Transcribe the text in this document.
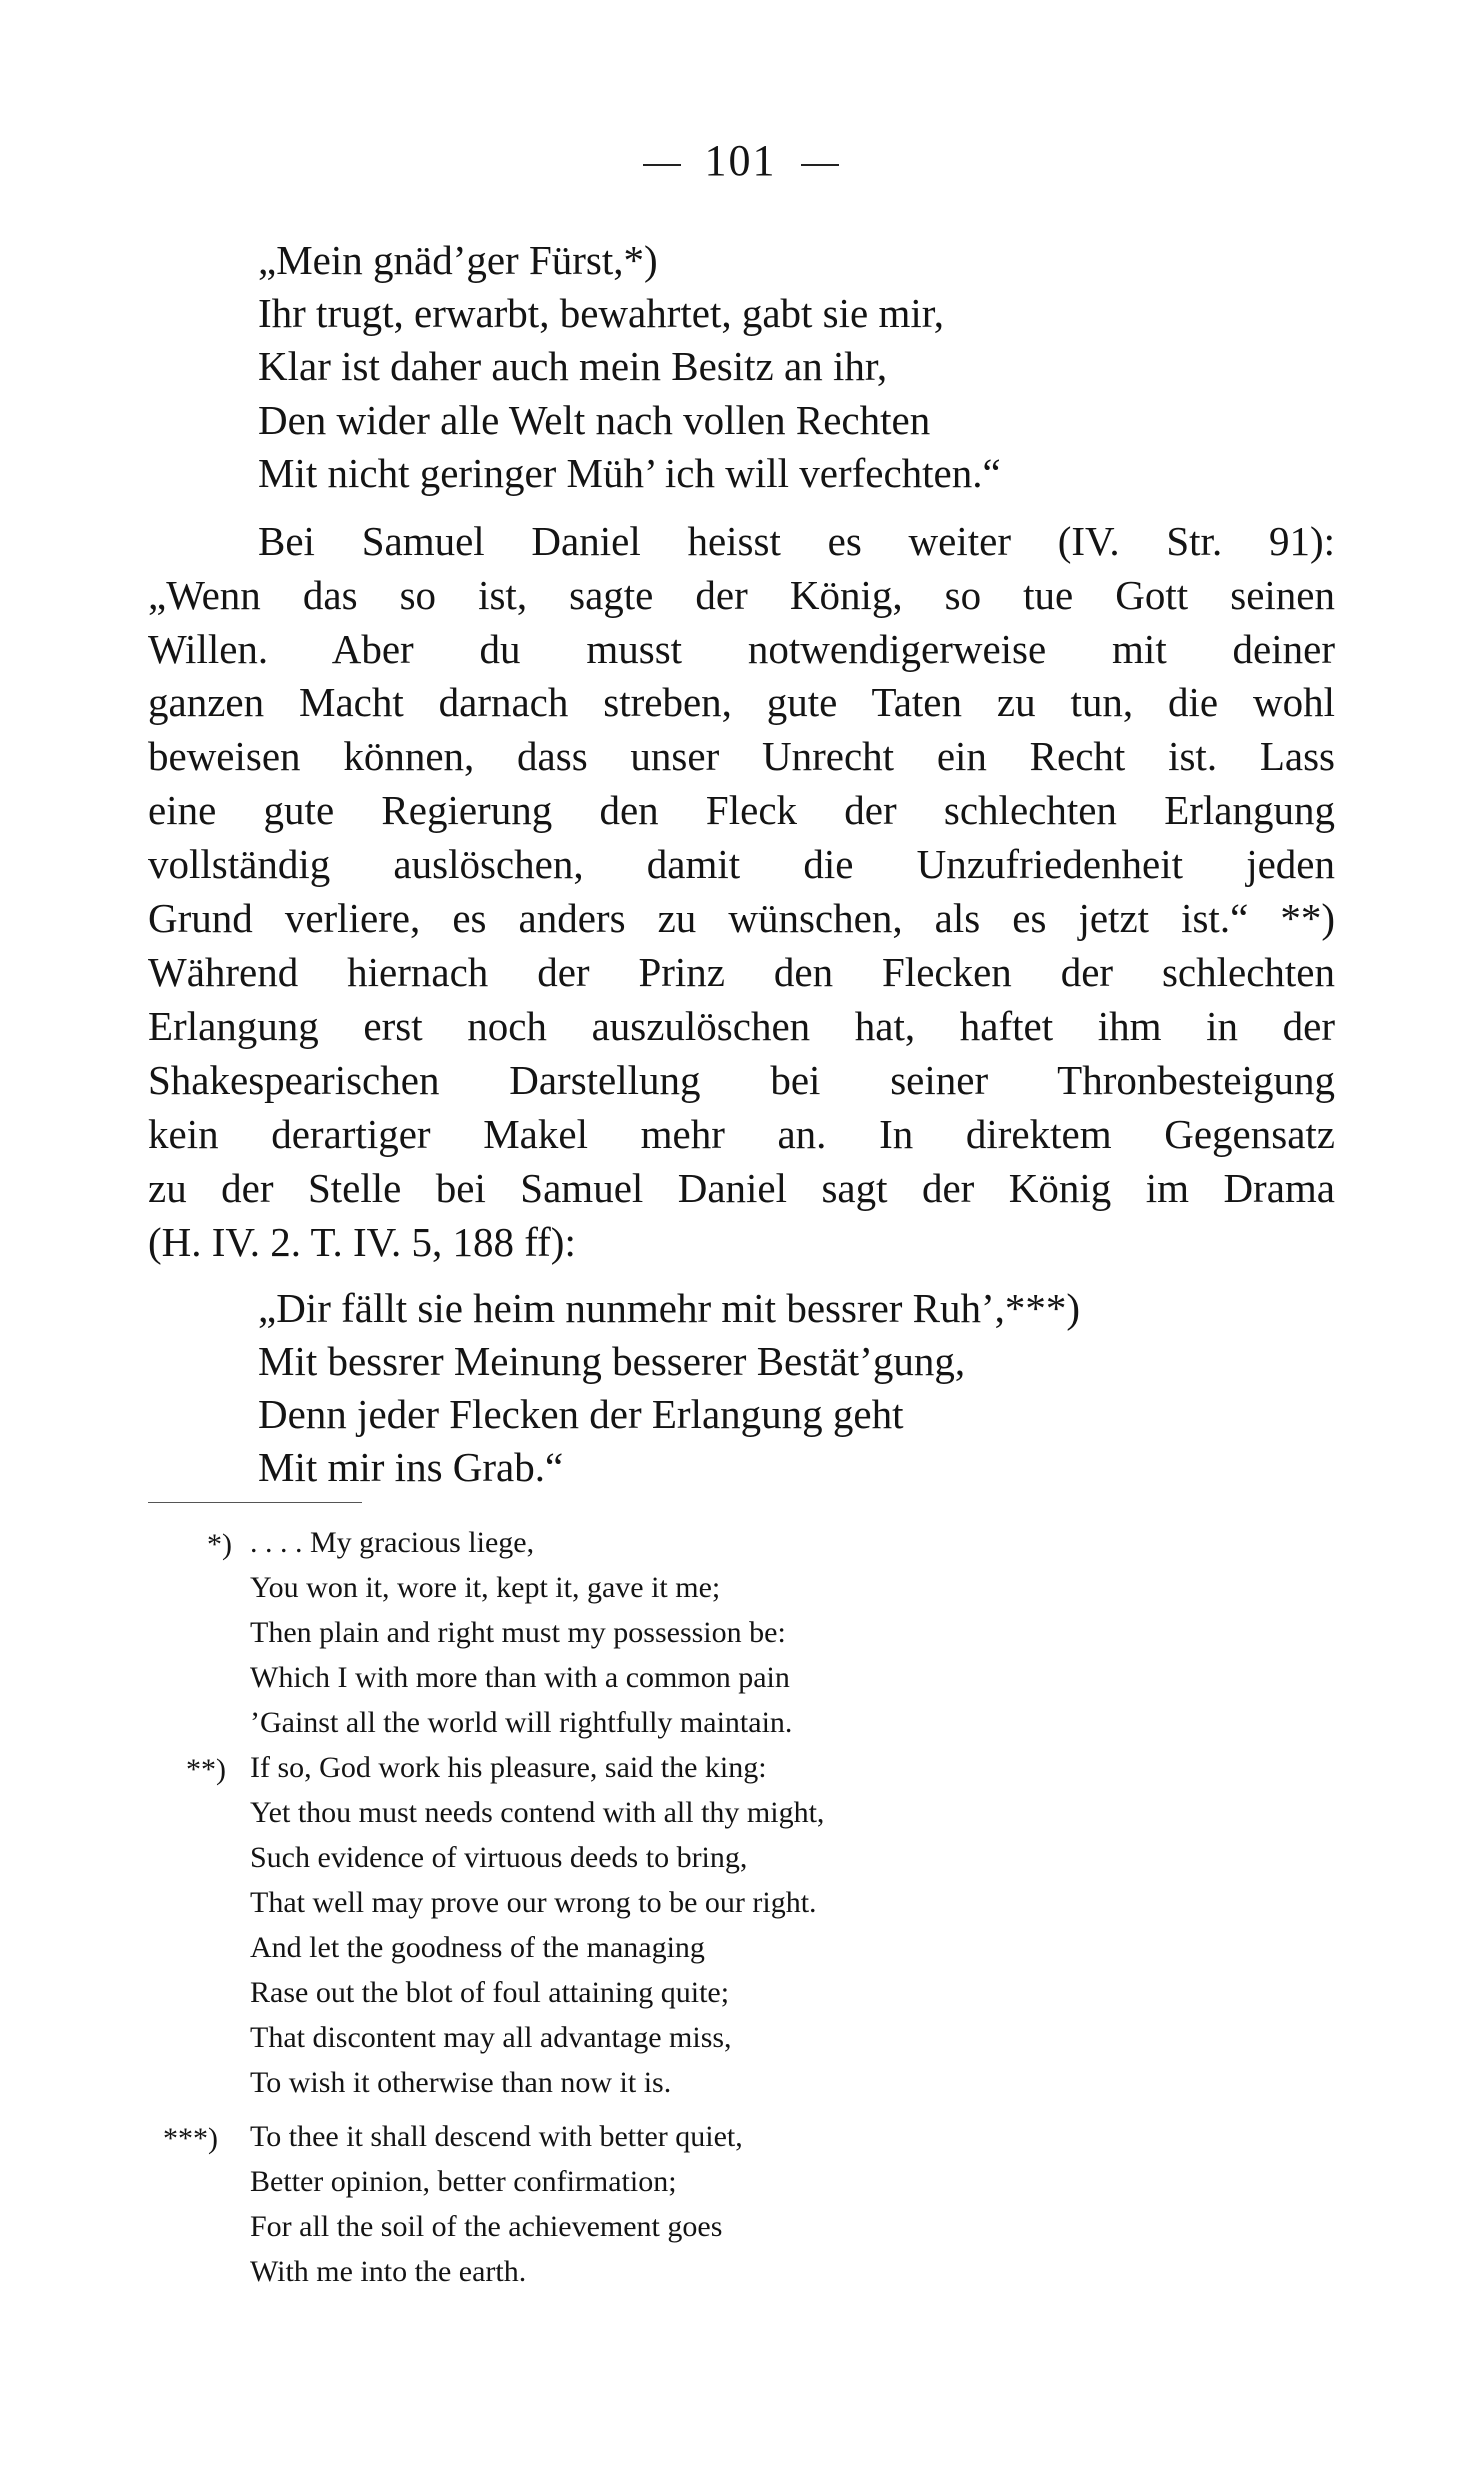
101
„Mein gnäd’ger Fürst,*)
Ihr trugt, erwarbt, bewahrtet, gabt sie mir,
Klar ist daher auch mein Besitz an ihr,
Den wider alle Welt nach vollen Rechten
Mit nicht geringer Müh’ ich will verfechten.“
Bei Samuel Daniel heisst es weiter (IV. Str. 91):
„Wenn das so ist, sagte der König, so tue Gott seinen
Willen. Aber du musst notwendigerweise mit deiner
ganzen Macht darnach streben, gute Taten zu tun, die wohl
beweisen können, dass unser Unrecht ein Recht ist. Lass
eine gute Regierung den Fleck der schlechten Erlangung
vollständig auslöschen, damit die Unzufriedenheit jeden
Grund verliere, es anders zu wünschen, als es jetzt ist.“ **)
Während hiernach der Prinz den Flecken der schlechten
Erlangung erst noch auszulöschen hat, haftet ihm in der
Shakespearischen Darstellung bei seiner Thronbesteigung
kein derartiger Makel mehr an. In direktem Gegensatz
zu der Stelle bei Samuel Daniel sagt der König im Drama
(H. IV. 2. T. IV. 5, 188 ff):
„Dir fällt sie heim nunmehr mit bessrer Ruh’,***)
Mit bessrer Meinung besserer Bestät’gung,
Denn jeder Flecken der Erlangung geht
Mit mir ins Grab.“
*) . . . . My gracious liege,
You won it, wore it, kept it, gave it me;
Then plain and right must my possession be:
Which I with more than with a common pain
’Gainst all the world will rightfully maintain.
**) If so, God work his pleasure, said the king:
Yet thou must needs contend with all thy might,
Such evidence of virtuous deeds to bring,
That well may prove our wrong to be our right.
And let the goodness of the managing
Rase out the blot of foul attaining quite;
That discontent may all advantage miss,
To wish it otherwise than now it is.
***) To thee it shall descend with better quiet,
Better opinion, better confirmation;
For all the soil of the achievement goes
With me into the earth.
